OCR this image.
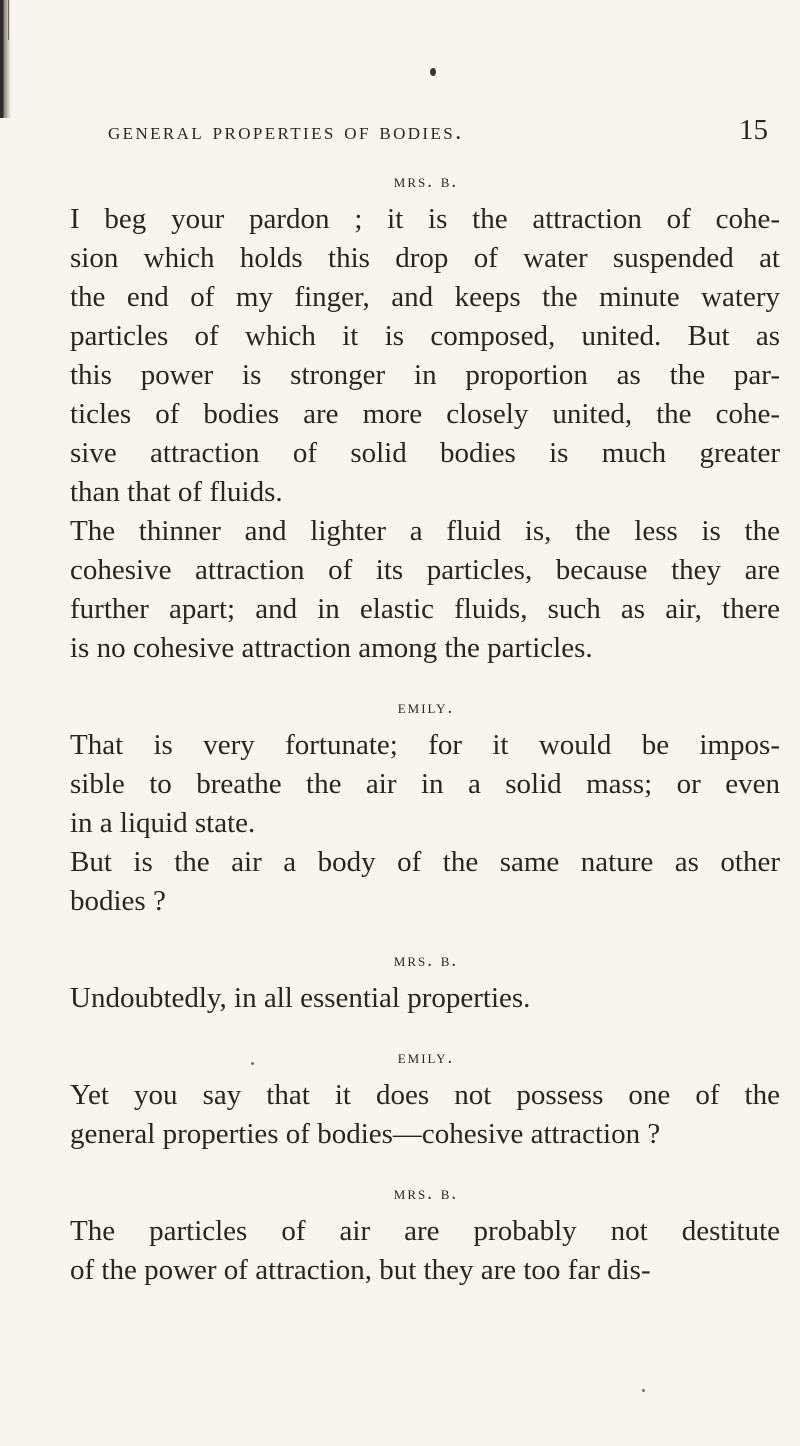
general properties of bodies.	15
mrs. b.
I beg your pardon ; it is the attraction of cohe-
sion which holds this drop of water suspended at
the end of my finger, and keeps the minute watery
particles of which it is composed, united. But as
this power is stronger in proportion as the par-
ticles of bodies are more closely united, the cohe-
sive attraction of solid bodies is much greater
than that of fluids.
The thinner and lighter a fluid is, the less is the
cohesive attraction of its particles, because they are
further apart; and in elastic fluids, such as air, there
is no cohesive attraction among the particles.
emily.
That is very fortunate; for it would be impos-
sible to breathe the air in a solid mass; or even
in a liquid state.
But is the air a body of the same nature as other
bodies ?
mrs. b.
Undoubtedly, in all essential properties.
emily.
Yet you say that it does not possess one of the
general properties of bodies—cohesive attraction ?
mrs. b.
The particles of air are probably not destitute
of the power of attraction, but they are too far dis-
